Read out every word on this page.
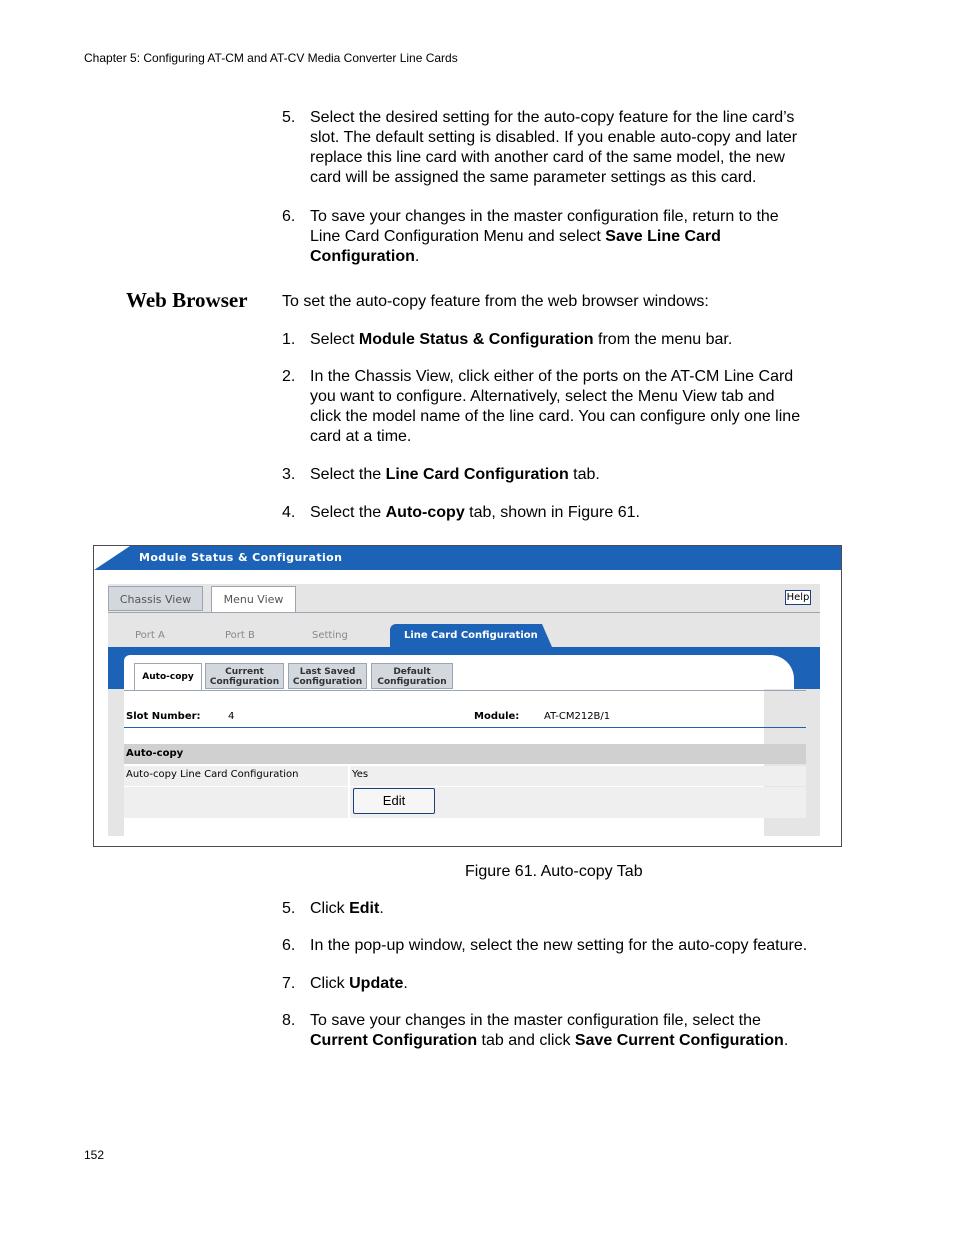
Chapter 5: Configuring AT-CM and AT-CV Media Converter Line Cards
5. Select the desired setting for the auto-copy feature for the line card’s
slot. The default setting is disabled. If you enable auto-copy and later
replace this line card with another card of the same model, the new
card will be assigned the same parameter settings as this card.
6. To save your changes in the master configuration file, return to the
Line Card Configuration Menu and select Save Line Card
Configuration.
Web Browser To set the auto-copy feature from the web browser windows:
1. Select Module Status & Configuration from the menu bar.
2. In the Chassis View, click either of the ports on the AT-CM Line Card
you want to configure. Alternatively, select the Menu View tab and
click the model name of the line card. You can configure only one line
card at a time.
3. Select the Line Card Configuration tab.
4. Select the Auto-copy tab, shown in Figure 61.
Module Status & Configuration
Chassis View	Menu View	Help
Port A	Port B	Setting	Line Card Configuration
Auto-copy	Current
Configuration
Last Saved
Configuration
Default
Configuration
Slot Number:	4	Module: AT-CM212B/1
Auto-copy
Auto-copy Line Card Configuration	Yes
Edit
Figure 61. Auto-copy Tab
5. Click Edit.
6. In the pop-up window, select the new setting for the auto-copy feature.
7. Click Update.
8. To save your changes in the master configuration file, select the
Current Configuration tab and click Save Current Configuration.
152
